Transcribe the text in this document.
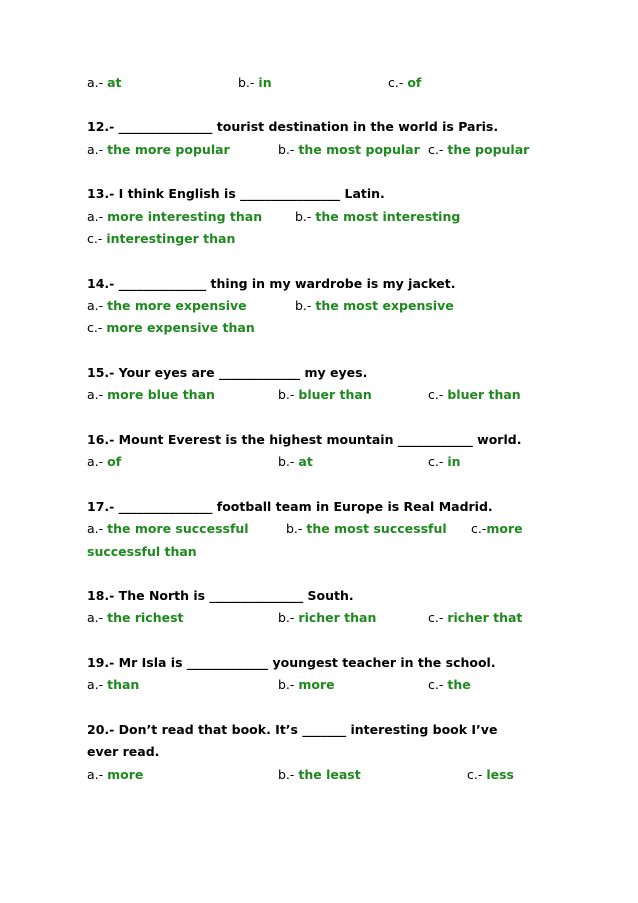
a.- at	b.- in	c.- of
12.- _______________ tourist destination in the world is Paris.
a.- the more popular	b.- the most popular c.- the popular
13.- I think English is ________________ Latin.
a.- more interesting than	b.- the most interesting
c.- interestinger than
14.- ______________ thing in my wardrobe is my jacket.
a.- the more expensive	b.- the most expensive
c.- more expensive than
15.- Your eyes are _____________ my eyes.
a.- more blue than	b.- bluer than	c.- bluer than
16.- Mount Everest is the highest mountain ____________ world.
a.- of	b.- at	c.- in
17.- _______________ football team in Europe is Real Madrid.
a.- the more successful	b.- the most successful c.-more
successful than
18.- The North is _______________ South.
a.- the richest	b.- richer than	c.- richer that
19.- Mr Isla is _____________ youngest teacher in the school.
a.- than	b.- more	c.- the
20.- Don’t read that book. It’s _______ interesting book I’ve
ever read.
a.- more	b.- the least	c.- less
